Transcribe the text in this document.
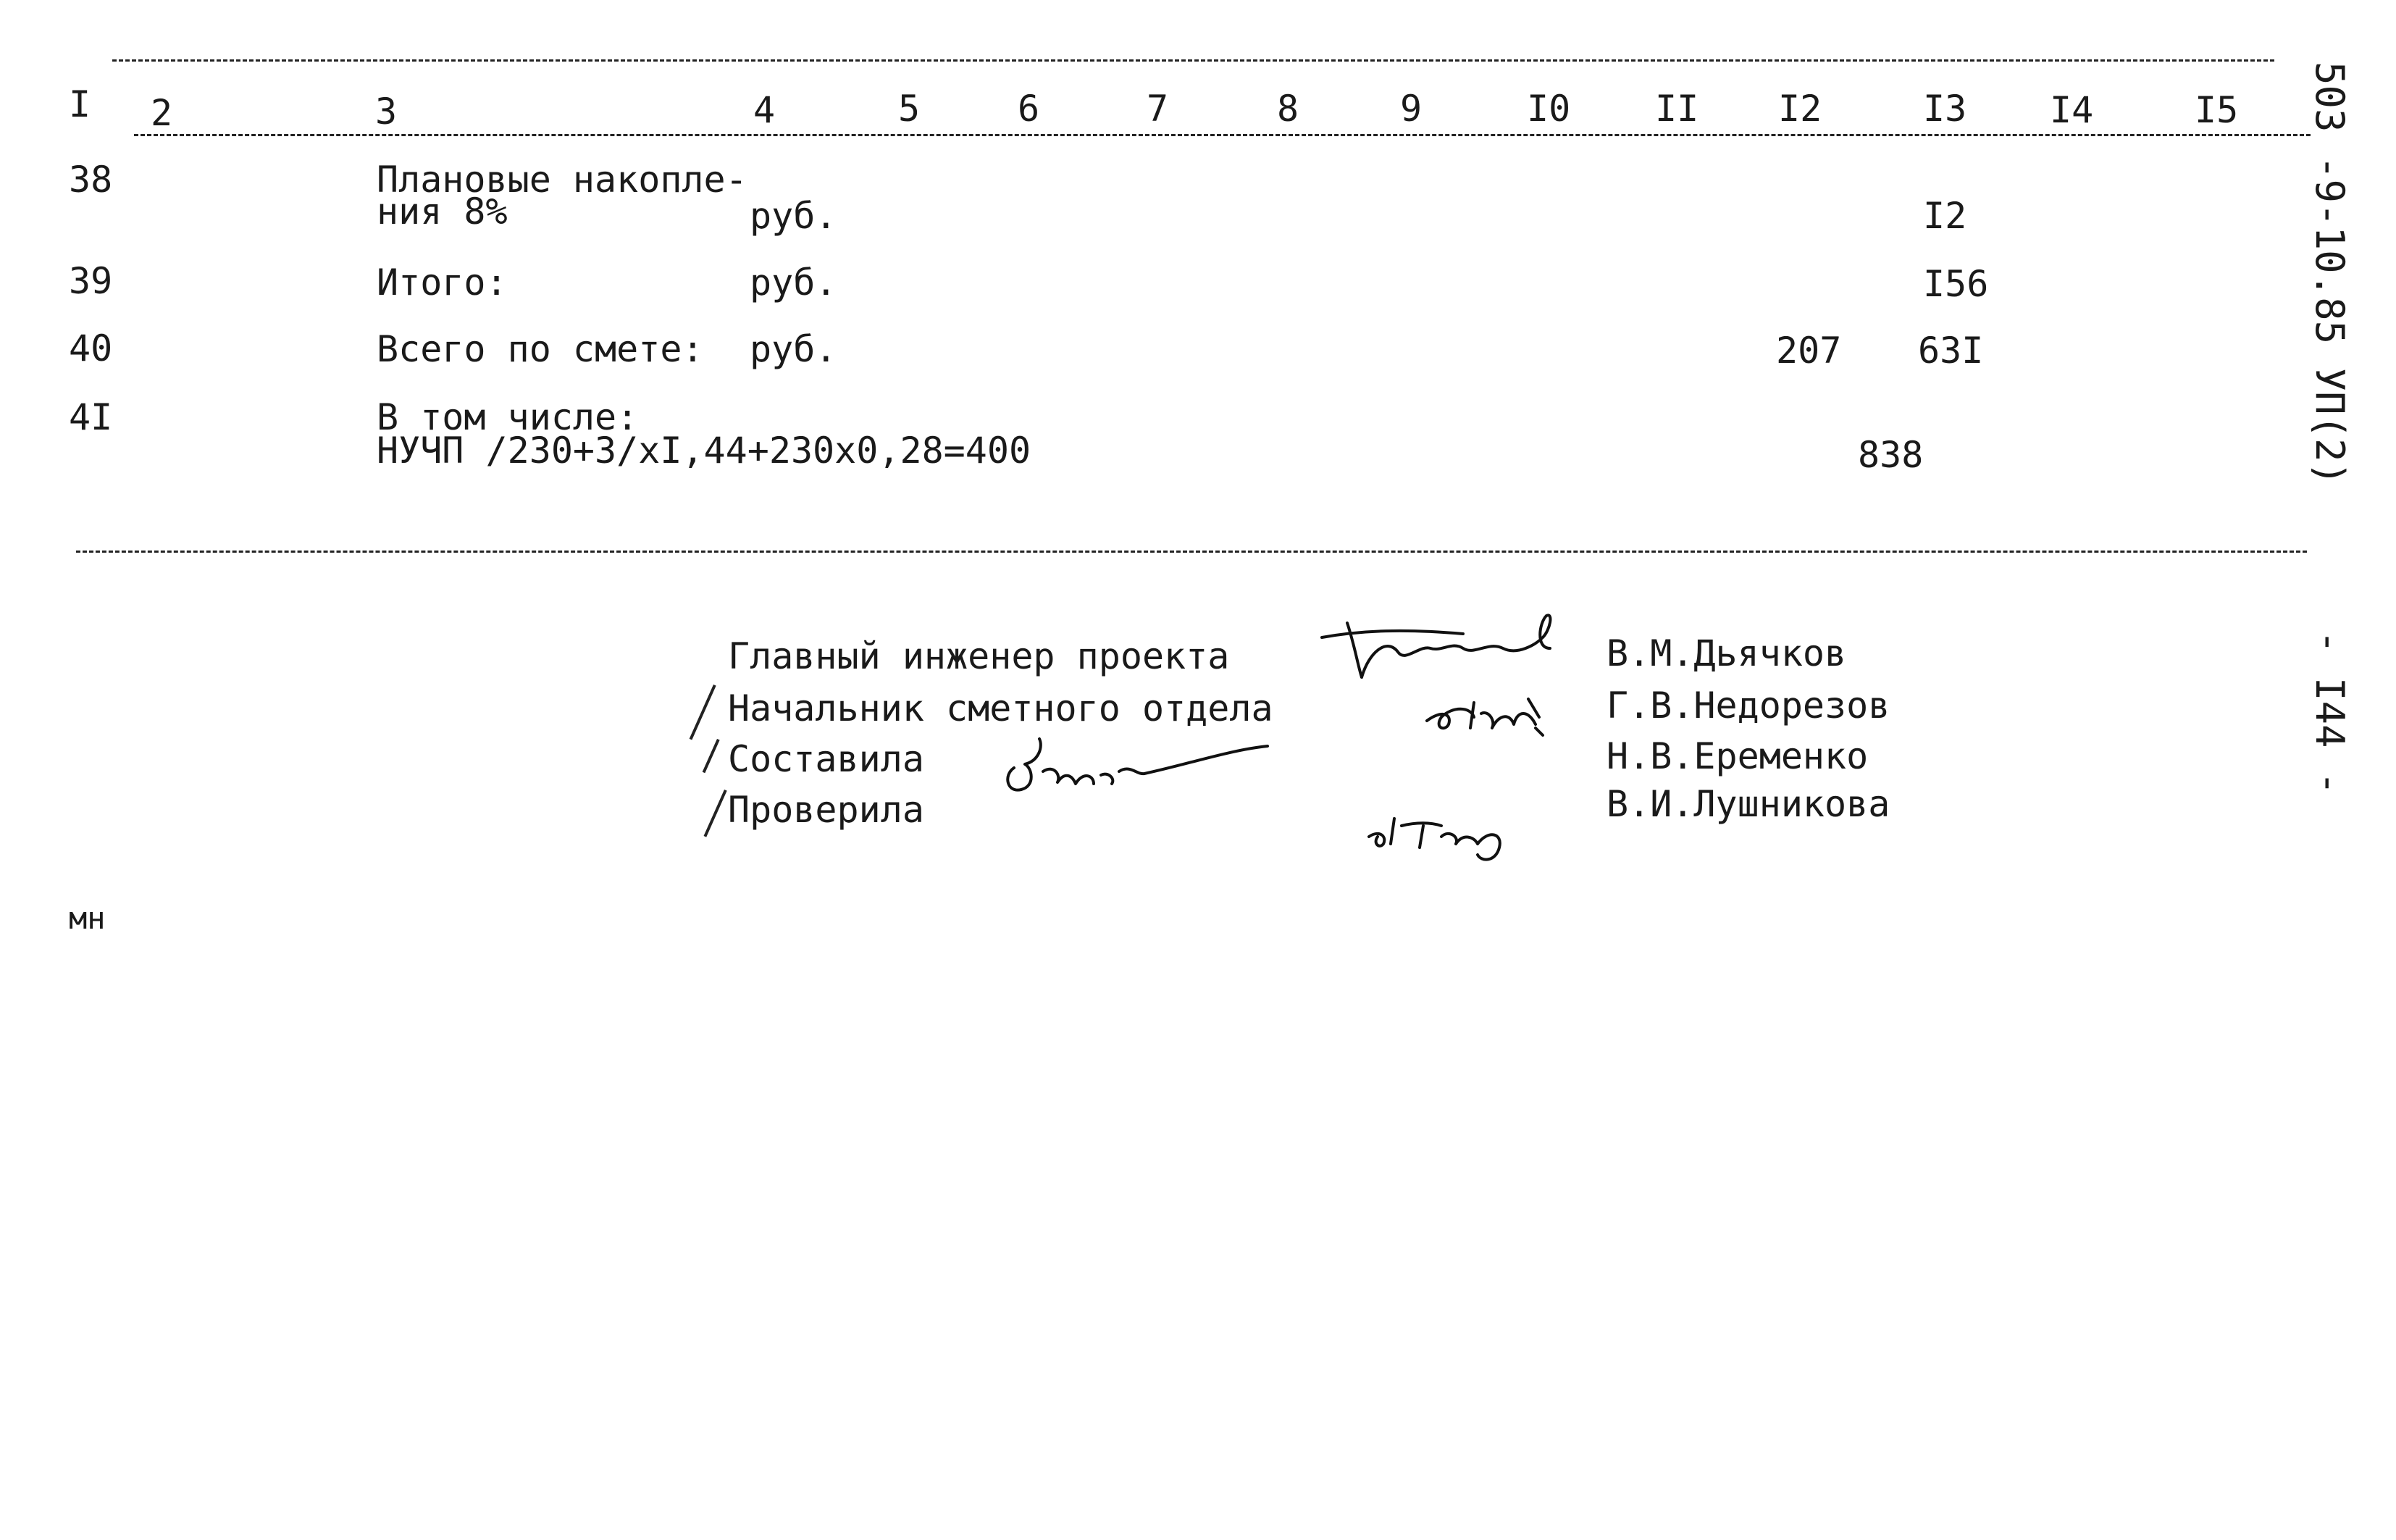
I 2	3	4	5	6	7	8	9	I0 II I2	I3 I4	I5
38	Плановые накопле-
ния 8%	руб.	I2
39	Итого:	руб.	I56
40	Всего по смете: руб.	207 63I
4I	В том числе:
НУЧП /230+3/хI,44+230х0,28=400	838
Главный инженер проекта
Начальник сметного отдела
Составила
Проверила
В.М.Дьячков
Г.В.Недорезов
Н.В.Еременко
В.И.Лушникова
503 -9-10.85 УП(2)
- I44 -
мн
